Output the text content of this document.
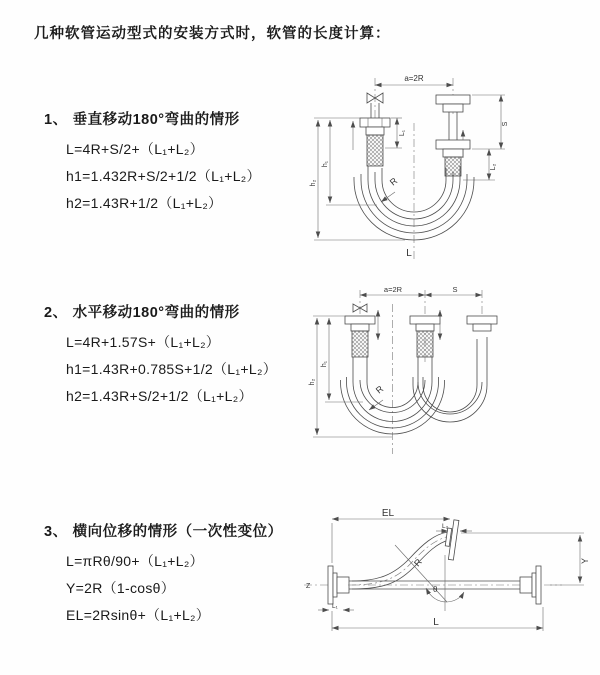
几种软管运动型式的安装方式时，软管的长度计算：
1、 垂直移动180°弯曲的情形
L=4R+S/2+（L₁+L₂）
h1=1.432R+S/2+1/2（L₁+L₂）
h2=1.43R+1/2（L₁+L₂）
2、 水平移动180°弯曲的情形
L=4R+1.57S+（L₁+L₂）
h1=1.43R+0.785S+1/2（L₁+L₂）
h2=1.43R+S/2+1/2（L₁+L₂）
3、 横向位移的情形（一次性变位）
L=πRθ/90+（L₁+L₂）
Y=2R（1-cosθ）
EL=2Rsinθ+（L₁+L₂）
a=2R
L₁
S
L₂
R
h₂
h₁
L
a=2R	S
R
h₂
h₁
Z
EL
L₂
Y
R
θ
L
L₁
